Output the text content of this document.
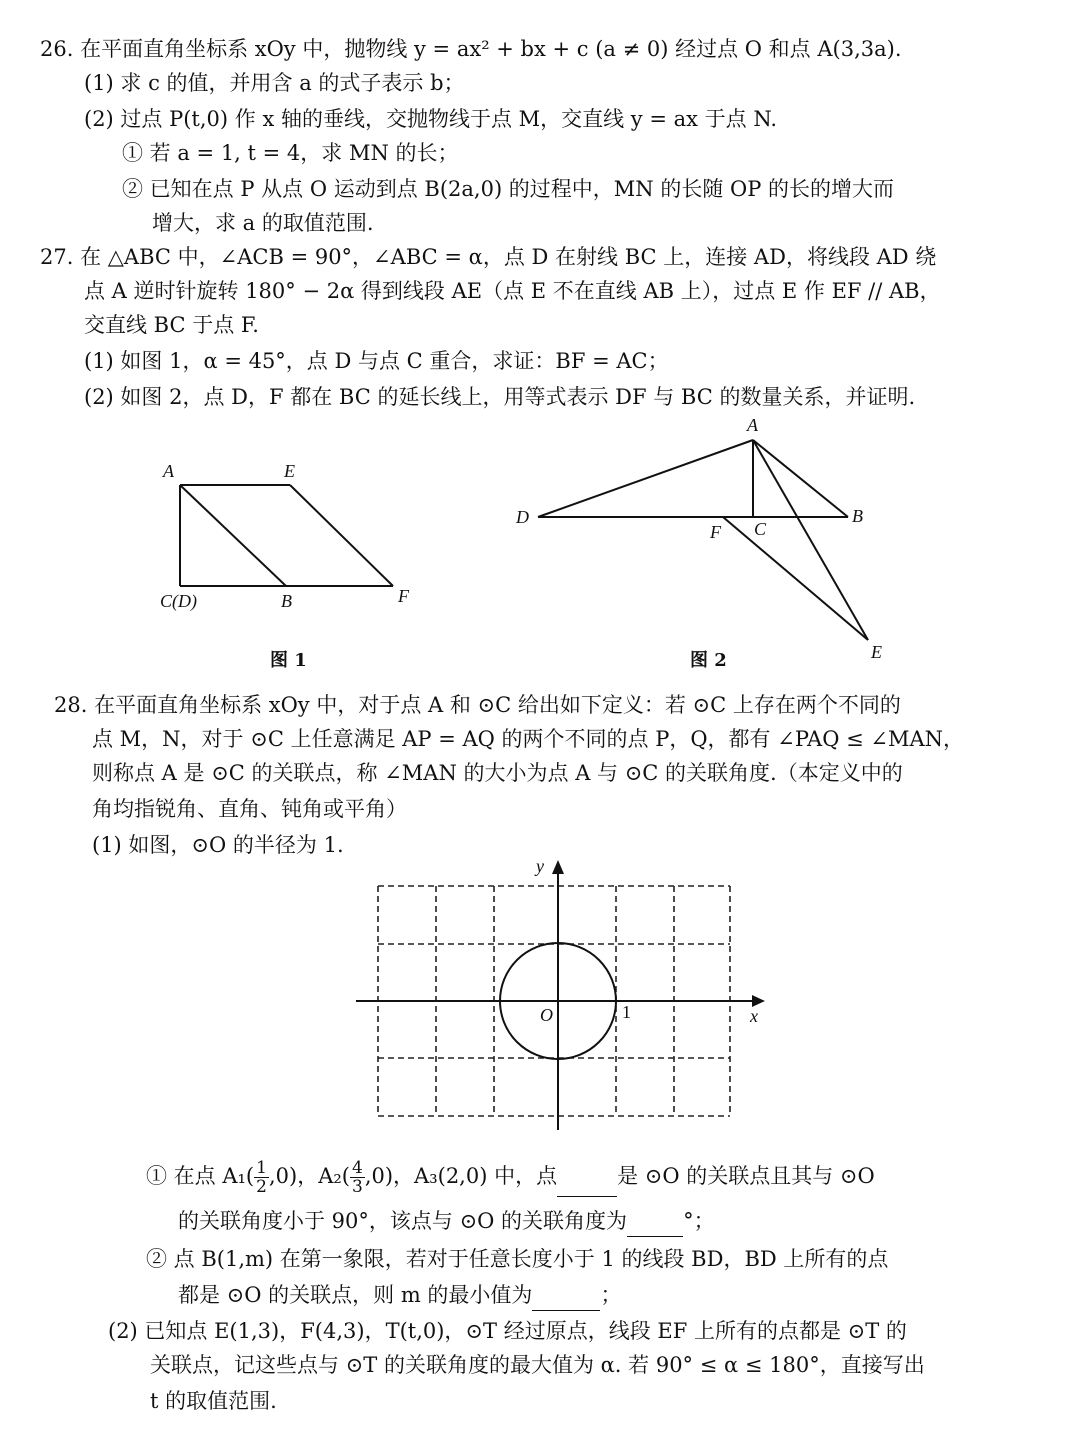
26. 在平面直角坐标系 xOy 中，抛物线 y = ax² + bx + c (a ≠ 0) 经过点 O 和点 A(3,3a).
(1) 求 c 的值，并用含 a 的式子表示 b；
(2) 过点 P(t,0) 作 x 轴的垂线，交抛物线于点 M，交直线 y = ax 于点 N.
① 若 a = 1, t = 4，求 MN 的长；
② 已知在点 P 从点 O 运动到点 B(2a,0) 的过程中，MN 的长随 OP 的长的增大而
增大，求 a 的取值范围.
27. 在 △ABC 中，∠ACB = 90°，∠ABC = α，点 D 在射线 BC 上，连接 AD，将线段 AD 绕
点 A 逆时针旋转 180° − 2α 得到线段 AE（点 E 不在直线 AB 上），过点 E 作 EF // AB，
交直线 BC 于点 F.
(1) 如图 1，α = 45°，点 D 与点 C 重合，求证：BF = AC；
(2) 如图 2，点 D，F 都在 BC 的延长线上，用等式表示 DF 与 BC 的数量关系，并证明.
A	E
C(D)	B	F
图 1
A
D
F C
B
E
图 2
28. 在平面直角坐标系 xOy 中，对于点 A 和 ⊙C 给出如下定义：若 ⊙C 上存在两个不同的
点 M，N，对于 ⊙C 上任意满足 AP = AQ 的两个不同的点 P，Q，都有 ∠PAQ ≤ ∠MAN，
则称点 A 是 ⊙C 的关联点，称 ∠MAN 的大小为点 A 与 ⊙C 的关联角度.（本定义中的
角均指锐角、直角、钝角或平角）
(1) 如图，⊙O 的半径为 1.
y
x
O	1
① 在点 $A_1( \frac{1}{2} ,0)$，$A_2( \frac{4}{3} ,0)$，A₃(2,0) 中，点	是 ⊙O 的关联点且其与 ⊙O
的关联角度小于 90°，该点与 ⊙O 的关联角度为	°；
② 点 B(1,m) 在第一象限，若对于任意长度小于 1 的线段 BD，BD 上所有的点
都是 ⊙O 的关联点，则 m 的最小值为	；
(2) 已知点 E(1,3)，F(4,3)，T(t,0)，⊙T 经过原点，线段 EF 上所有的点都是 ⊙T 的
关联点，记这些点与 ⊙T 的关联角度的最大值为 α. 若 90° ≤ α ≤ 180°，直接写出
t 的取值范围.
